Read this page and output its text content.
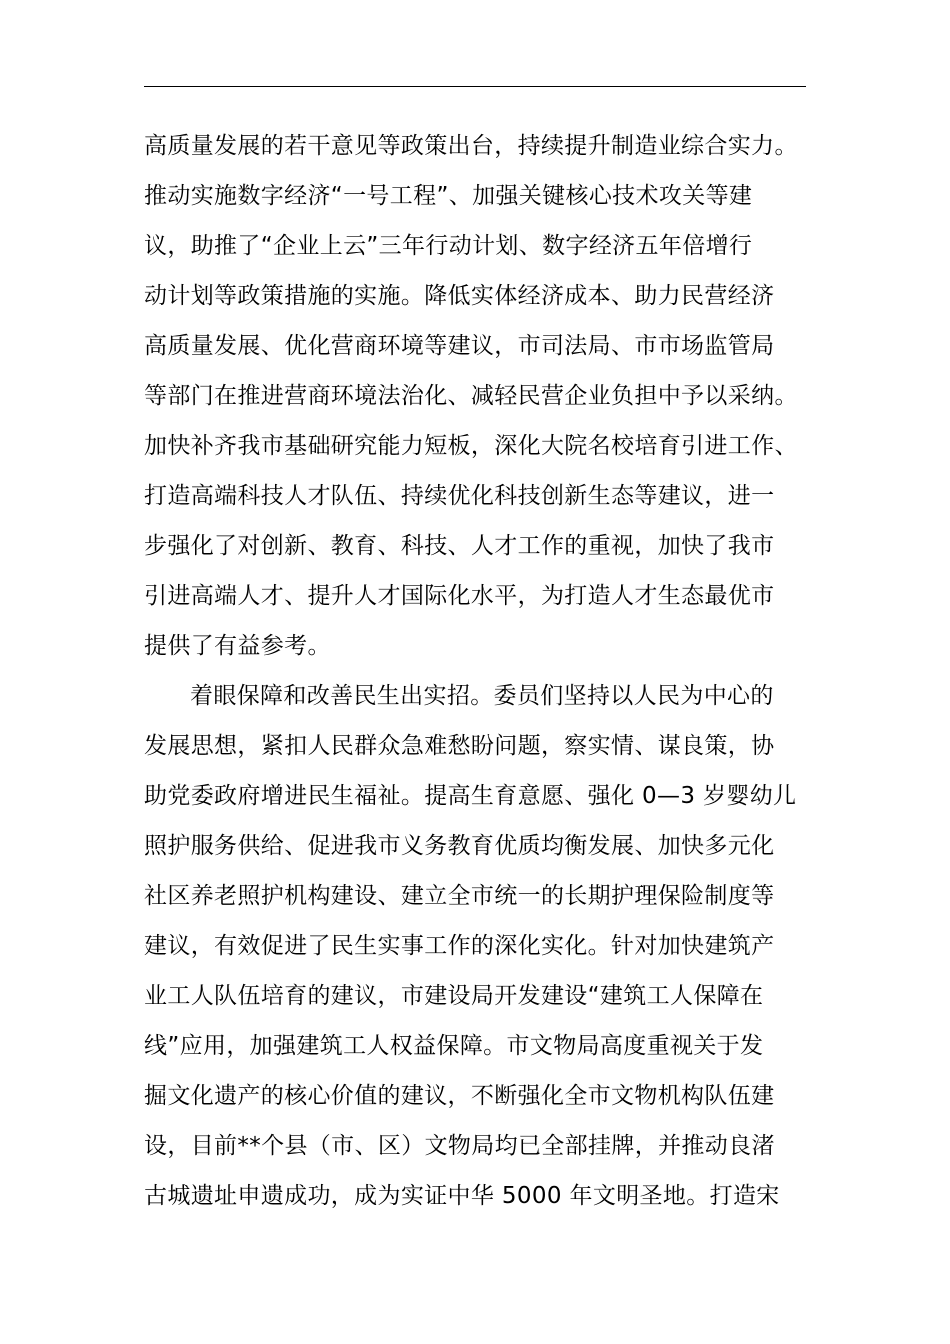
高质量发展的若干意见等政策出台，持续提升制造业综合实力。
推动实施数字经济“一号工程”、加强关键核心技术攻关等建
议，助推了“企业上云”三年行动计划、数字经济五年倍增行
动计划等政策措施的实施。降低实体经济成本、助力民营经济
高质量发展、优化营商环境等建议，市司法局、市市场监管局
等部门在推进营商环境法治化、减轻民营企业负担中予以采纳。
加快补齐我市基础研究能力短板，深化大院名校培育引进工作、
打造高端科技人才队伍、持续优化科技创新生态等建议，进一
步强化了对创新、教育、科技、人才工作的重视，加快了我市
引进高端人才、提升人才国际化水平，为打造人才生态最优市
提供了有益参考。
着眼保障和改善民生出实招。委员们坚持以人民为中心的
发展思想，紧扣人民群众急难愁盼问题，察实情、谋良策，协
助党委政府增进民生福祉。提高生育意愿、强化 0—3 岁婴幼儿
照护服务供给、促进我市义务教育优质均衡发展、加快多元化
社区养老照护机构建设、建立全市统一的长期护理保险制度等
建议，有效促进了民生实事工作的深化实化。针对加快建筑产
业工人队伍培育的建议，市建设局开发建设“建筑工人保障在
线”应用，加强建筑工人权益保障。市文物局高度重视关于发
掘文化遗产的核心价值的建议，不断强化全市文物机构队伍建
设，目前**个县（市、区）文物局均已全部挂牌，并推动良渚
古城遗址申遗成功，成为实证中华 5000 年文明圣地。打造宋
